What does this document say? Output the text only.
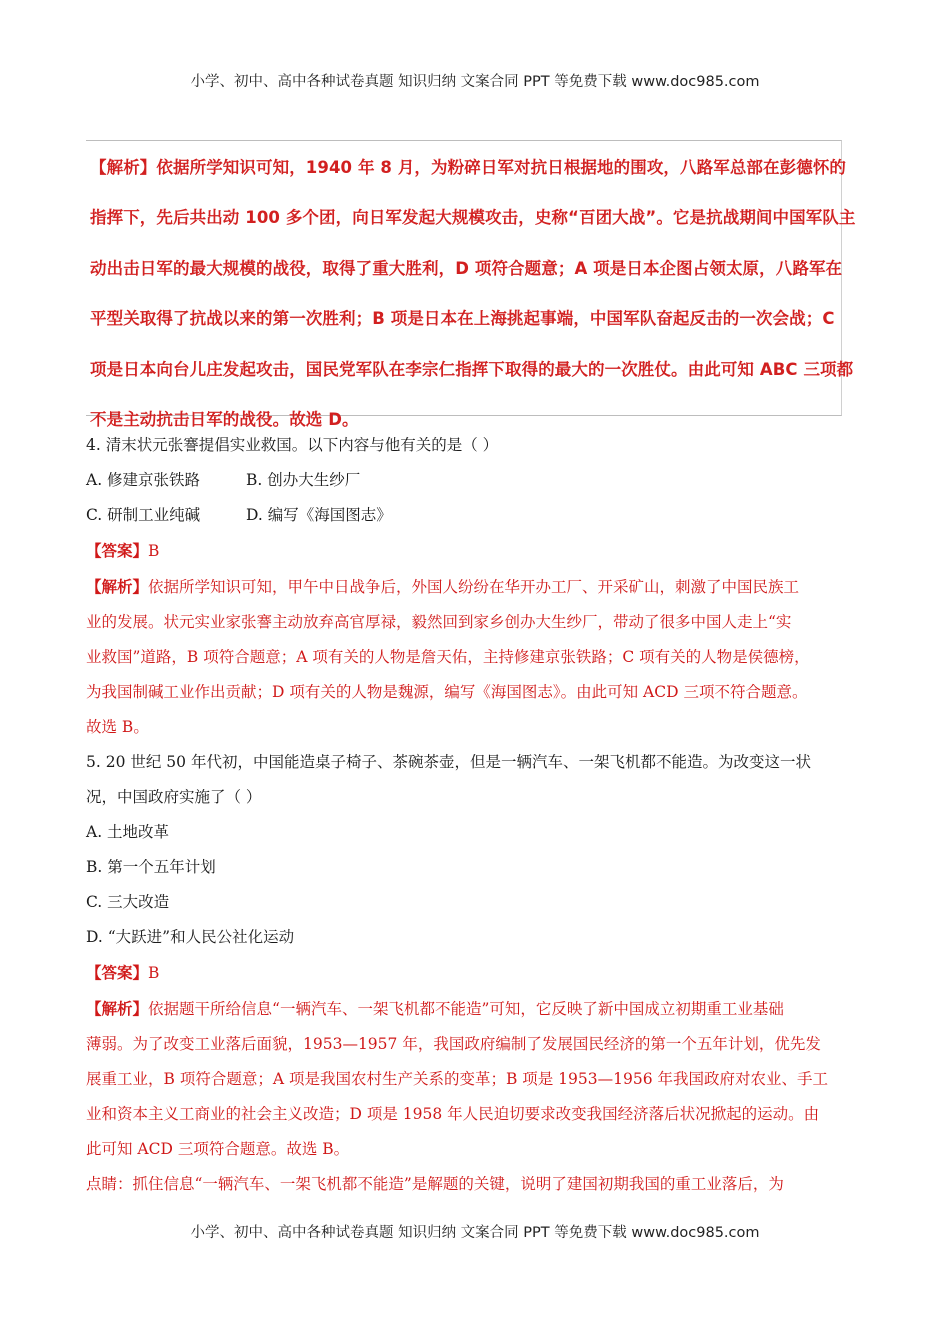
小学、初中、高中各种试卷真题 知识归纳 文案合同 PPT 等免费下载 www.doc985.com
【解析】依据所学知识可知，1940 年 8 月，为粉碎日军对抗日根据地的围攻，八路军总部在彭德怀的
指挥下，先后共出动 100 多个团，向日军发起大规模攻击，史称“百团大战”。它是抗战期间中国军队主
动出击日军的最大规模的战役，取得了重大胜利，D 项符合题意；A 项是日本企图占领太原，八路军在
平型关取得了抗战以来的第一次胜利；B 项是日本在上海挑起事端，中国军队奋起反击的一次会战；C
项是日本向台儿庄发起攻击，国民党军队在李宗仁指挥下取得的最大的一次胜仗。由此可知 ABC 三项都
不是主动抗击日军的战役。故选 D。

4. 清末状元张謇提倡实业救国。以下内容与他有关的是（ ）

A. 修建京张铁路	B. 创办大生纱厂

C. 研制工业纯碱	D. 编写《海国图志》

【答案】B

【解析】依据所学知识可知，甲午中日战争后，外国人纷纷在华开办工厂、开采矿山，刺激了中国民族工

业的发展。状元实业家张謇主动放弃高官厚禄，毅然回到家乡创办大生纱厂，带动了很多中国人走上“实

业救国”道路，B 项符合题意；A 项有关的人物是詹天佑，主持修建京张铁路；C 项有关的人物是侯德榜，

为我国制碱工业作出贡献；D 项有关的人物是魏源，编写《海国图志》。由此可知 ACD 三项不符合题意。

故选 B。

5. 20 世纪 50 年代初，中国能造桌子椅子、茶碗茶壶，但是一辆汽车、一架飞机都不能造。为改变这一状

况，中国政府实施了（ ）

A. 土地改革

B. 第一个五年计划

C. 三大改造

D. “大跃进”和人民公社化运动

【答案】B

【解析】依据题干所给信息“一辆汽车、一架飞机都不能造”可知，它反映了新中国成立初期重工业基础

薄弱。为了改变工业落后面貌，1953—1957 年，我国政府编制了发展国民经济的第一个五年计划，优先发

展重工业，B 项符合题意；A 项是我国农村生产关系的变革；B 项是 1953—1956 年我国政府对农业、手工

业和资本主义工商业的社会主义改造；D 项是 1958 年人民迫切要求改变我国经济落后状况掀起的运动。由

此可知 ACD 三项符合题意。故选 B。

点睛：抓住信息“一辆汽车、一架飞机都不能造”是解题的关键，说明了建国初期我国的重工业落后，为

小学、初中、高中各种试卷真题 知识归纳 文案合同 PPT 等免费下载 www.doc985.com
